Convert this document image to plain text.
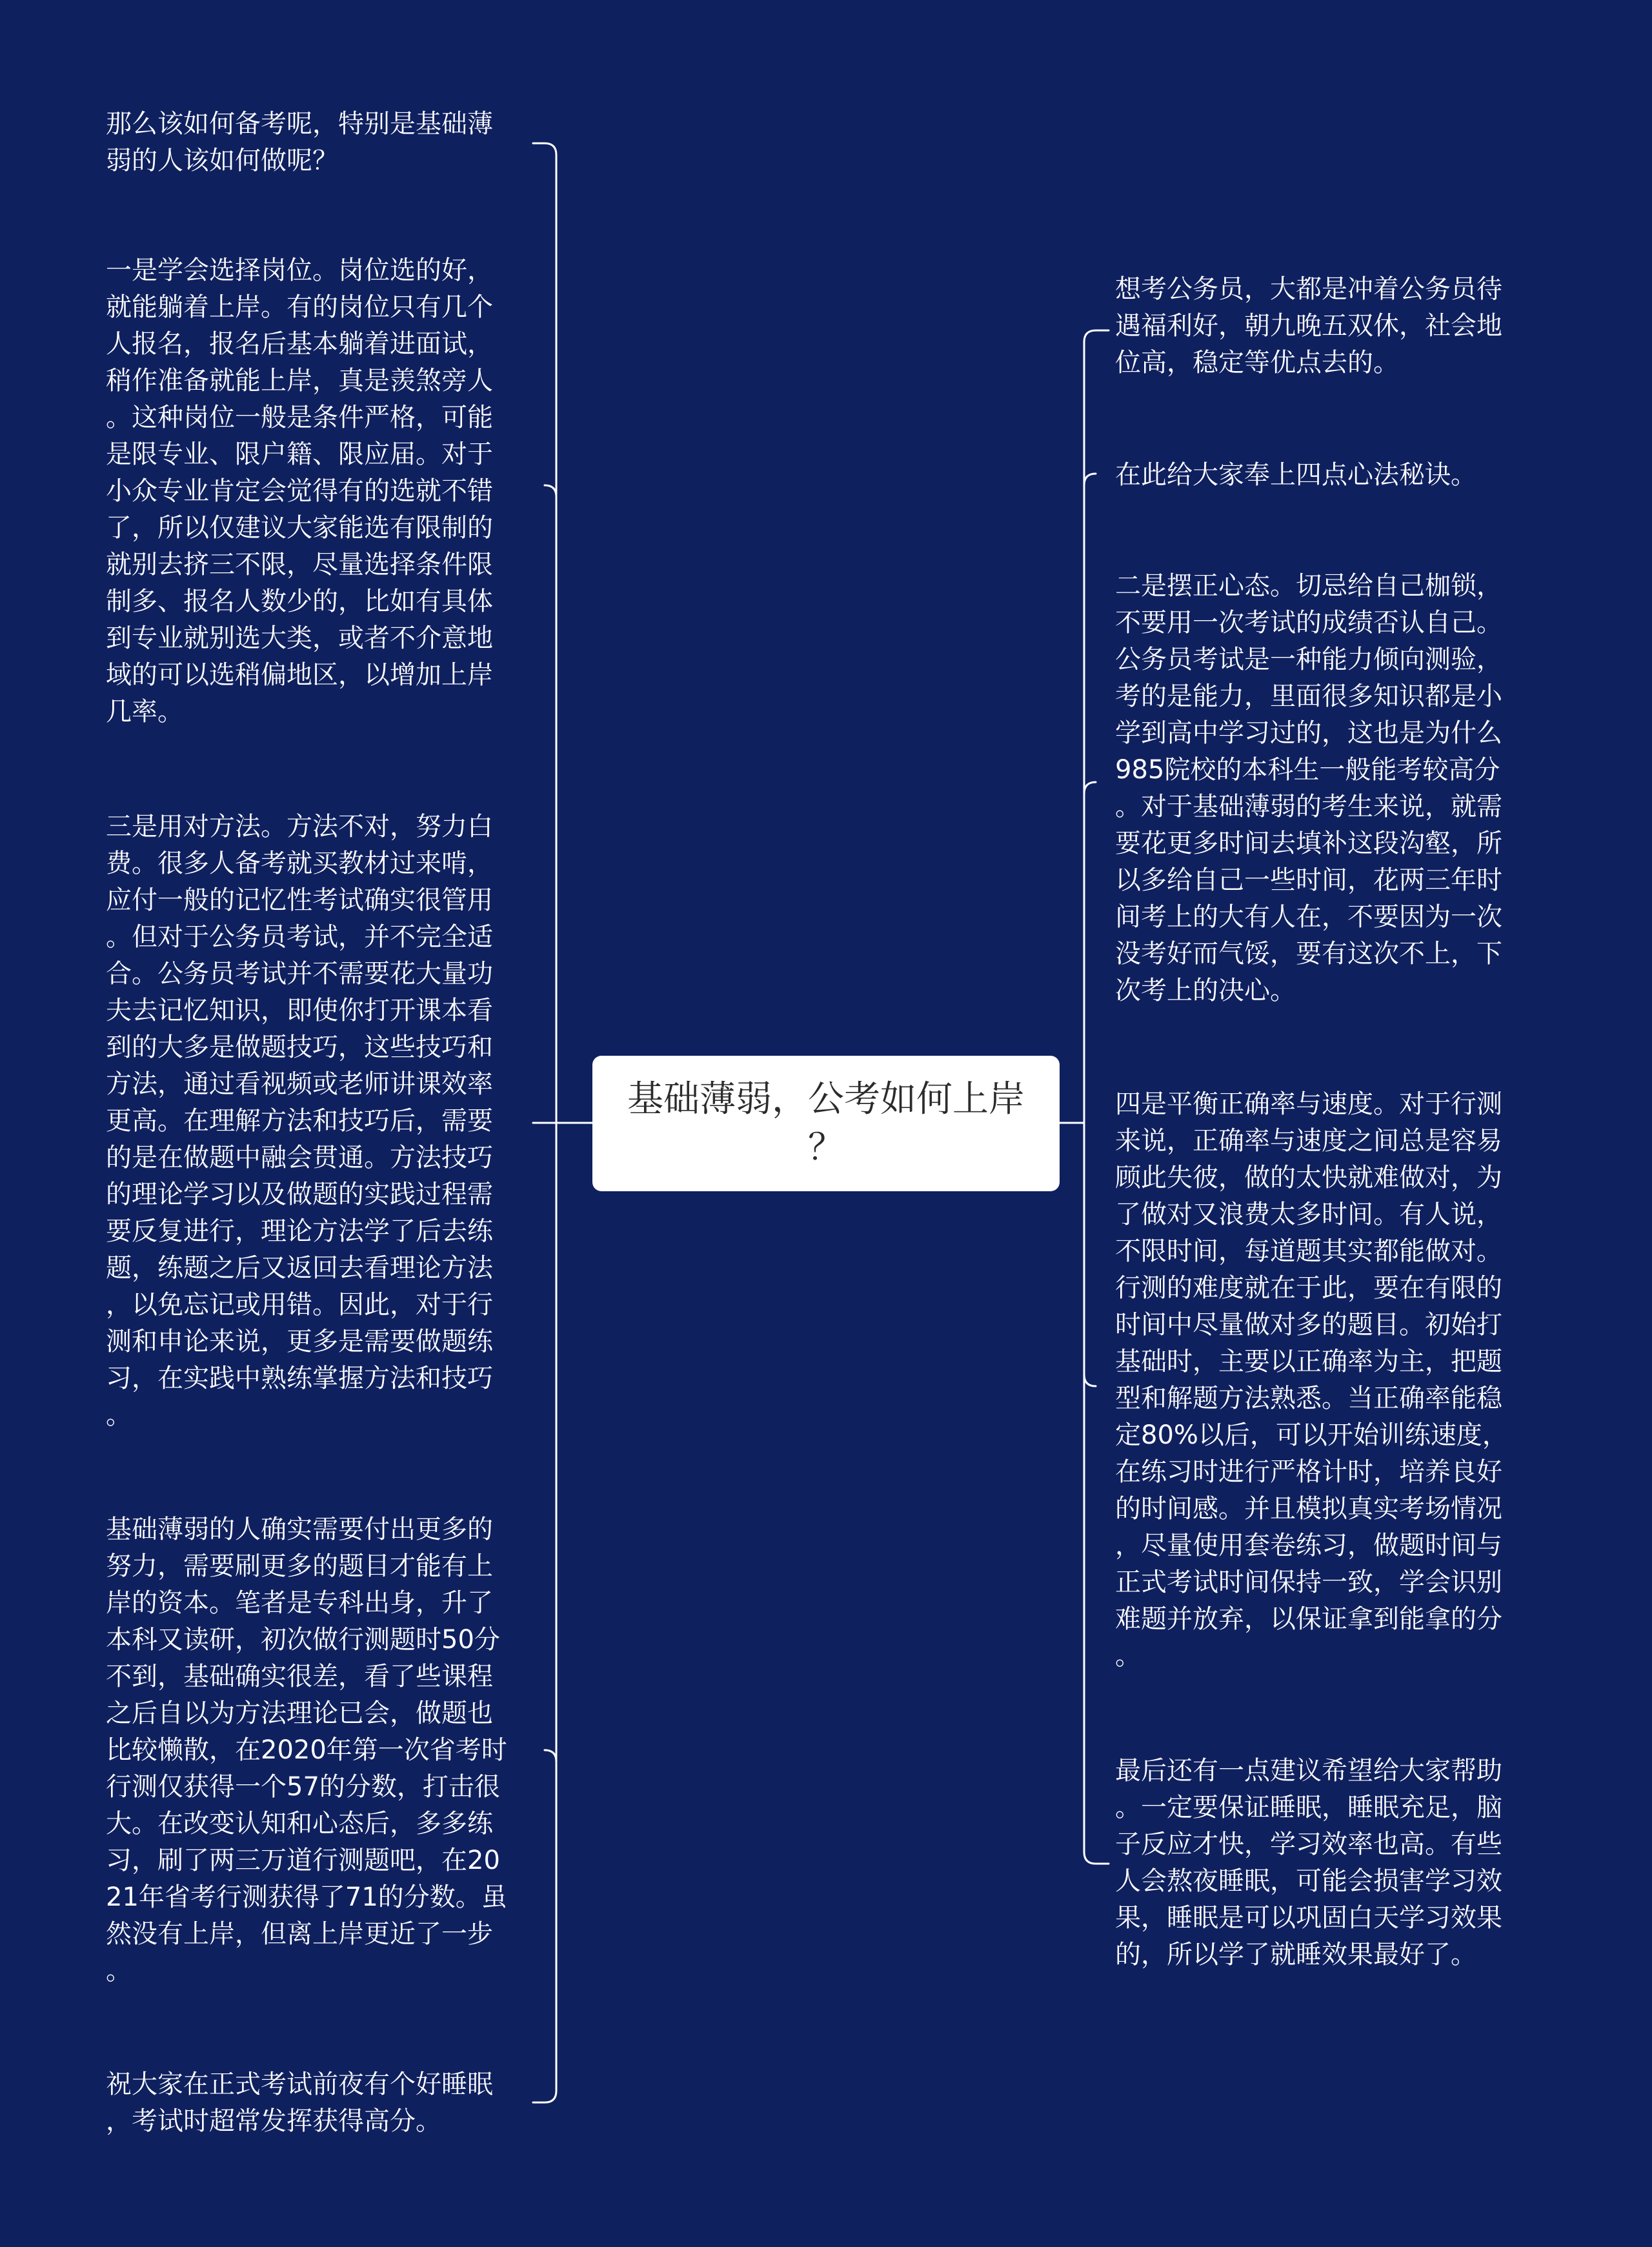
那么该如何备考呢，特别是基础薄
弱的人该如何做呢？
一是学会选择岗位。岗位选的好，
就能躺着上岸。有的岗位只有几个
人报名，报名后基本躺着进面试，
稍作准备就能上岸，真是羡煞旁人
。这种岗位一般是条件严格，可能
是限专业、限户籍、限应届。对于
小众专业肯定会觉得有的选就不错
了，所以仅建议大家能选有限制的
就别去挤三不限，尽量选择条件限
制多、报名人数少的，比如有具体
到专业就别选大类，或者不介意地
域的可以选稍偏地区，以增加上岸
几率。
三是用对方法。方法不对，努力白
费。很多人备考就买教材过来啃，
应付一般的记忆性考试确实很管用
。但对于公务员考试，并不完全适
合。公务员考试并不需要花大量功
夫去记忆知识，即使你打开课本看
到的大多是做题技巧，这些技巧和
方法，通过看视频或老师讲课效率
更高。在理解方法和技巧后，需要
的是在做题中融会贯通。方法技巧
的理论学习以及做题的实践过程需
要反复进行，理论方法学了后去练
题，练题之后又返回去看理论方法
，以免忘记或用错。因此，对于行
测和申论来说，更多是需要做题练
习，在实践中熟练掌握方法和技巧
。
基础薄弱的人确实需要付出更多的
努力，需要刷更多的题目才能有上
岸的资本。笔者是专科出身，升了
本科又读研，初次做行测题时50分
不到，基础确实很差，看了些课程
之后自以为方法理论已会，做题也
比较懒散，在2020年第一次省考时
行测仅获得一个57的分数，打击很
大。在改变认知和心态后，多多练
习，刷了两三万道行测题吧，在20
21年省考行测获得了71的分数。虽
然没有上岸，但离上岸更近了一步
。
祝大家在正式考试前夜有个好睡眠
，考试时超常发挥获得高分。
基础薄弱，公考如何上岸
？
想考公务员，大都是冲着公务员待
遇福利好，朝九晚五双休，社会地
位高，稳定等优点去的。
在此给大家奉上四点心法秘诀。
二是摆正心态。切忌给自己枷锁，
不要用一次考试的成绩否认自己。
公务员考试是一种能力倾向测验，
考的是能力，里面很多知识都是小
学到高中学习过的，这也是为什么
985院校的本科生一般能考较高分
。对于基础薄弱的考生来说，就需
要花更多时间去填补这段沟壑，所
以多给自己一些时间，花两三年时
间考上的大有人在，不要因为一次
没考好而气馁，要有这次不上，下
次考上的决心。
四是平衡正确率与速度。对于行测
来说，正确率与速度之间总是容易
顾此失彼，做的太快就难做对，为
了做对又浪费太多时间。有人说，
不限时间，每道题其实都能做对。
行测的难度就在于此，要在有限的
时间中尽量做对多的题目。初始打
基础时，主要以正确率为主，把题
型和解题方法熟悉。当正确率能稳
定80%以后，可以开始训练速度，
在练习时进行严格计时，培养良好
的时间感。并且模拟真实考场情况
，尽量使用套卷练习，做题时间与
正式考试时间保持一致，学会识别
难题并放弃，以保证拿到能拿的分
。
最后还有一点建议希望给大家帮助
。一定要保证睡眠，睡眠充足，脑
子反应才快，学习效率也高。有些
人会熬夜睡眠，可能会损害学习效
果，睡眠是可以巩固白天学习效果
的，所以学了就睡效果最好了。
